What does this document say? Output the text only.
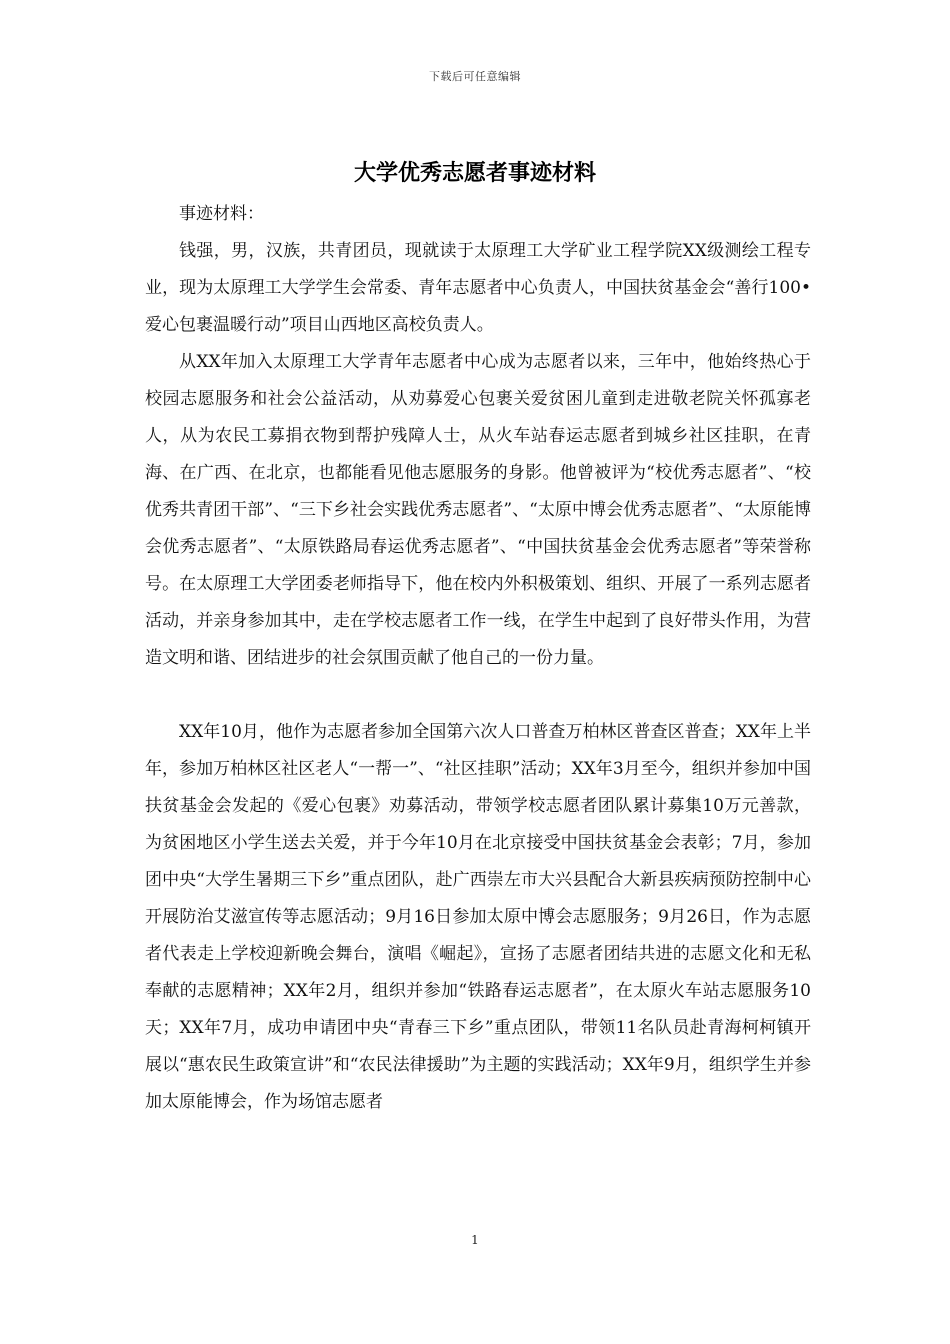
下载后可任意编辑
大学优秀志愿者事迹材料

事迹材料：

钱强，男，汉族，共青团员，现就读于太原理工大学矿业工程学院XX级测绘工程专业，现为太原理工大学学生会常委、青年志愿者中心负责人，中国扶贫基金会“善行100•爱心包裹温暖行动”项目山西地区高校负责人。

从XX年加入太原理工大学青年志愿者中心成为志愿者以来，三年中，他始终热心于校园志愿服务和社会公益活动，从劝募爱心包裹关爱贫困儿童到走进敬老院关怀孤寡老人，从为农民工募捐衣物到帮护残障人士，从火车站春运志愿者到城乡社区挂职，在青海、在广西、在北京，也都能看见他志愿服务的身影。他曾被评为“校优秀志愿者”、“校优秀共青团干部”、“三下乡社会实践优秀志愿者”、“太原中博会优秀志愿者”、“太原能博会优秀志愿者”、“太原铁路局春运优秀志愿者”、“中国扶贫基金会优秀志愿者”等荣誉称号。在太原理工大学团委老师指导下，他在校内外积极策划、组织、开展了一系列志愿者活动，并亲身参加其中，走在学校志愿者工作一线，在学生中起到了良好带头作用，为营造文明和谐、团结进步的社会氛围贡献了他自己的一份力量。

XX年10月，他作为志愿者参加全国第六次人口普查万柏林区普查区普查；XX年上半年，参加万柏林区社区老人“一帮一”、“社区挂职”活动；XX年3月至今，组织并参加中国扶贫基金会发起的《爱心包裹》劝募活动，带领学校志愿者团队累计募集10万元善款，为贫困地区小学生送去关爱，并于今年10月在北京接受中国扶贫基金会表彰；7月，参加团中央“大学生暑期三下乡”重点团队，赴广西崇左市大兴县配合大新县疾病预防控制中心开展防治艾滋宣传等志愿活动；9月16日参加太原中博会志愿服务；9月26日，作为志愿者代表走上学校迎新晚会舞台，演唱《崛起》，宣扬了志愿者团结共进的志愿文化和无私奉献的志愿精神；XX年2月，组织并参加“铁路春运志愿者”，在太原火车站志愿服务10天；XX年7月，成功申请团中央“青春三下乡”重点团队，带领11名队员赴青海柯柯镇开展以“惠农民生政策宣讲”和“农民法律援助”为主题的实践活动；XX年9月，组织学生并参加太原能博会，作为场馆志愿者

1
